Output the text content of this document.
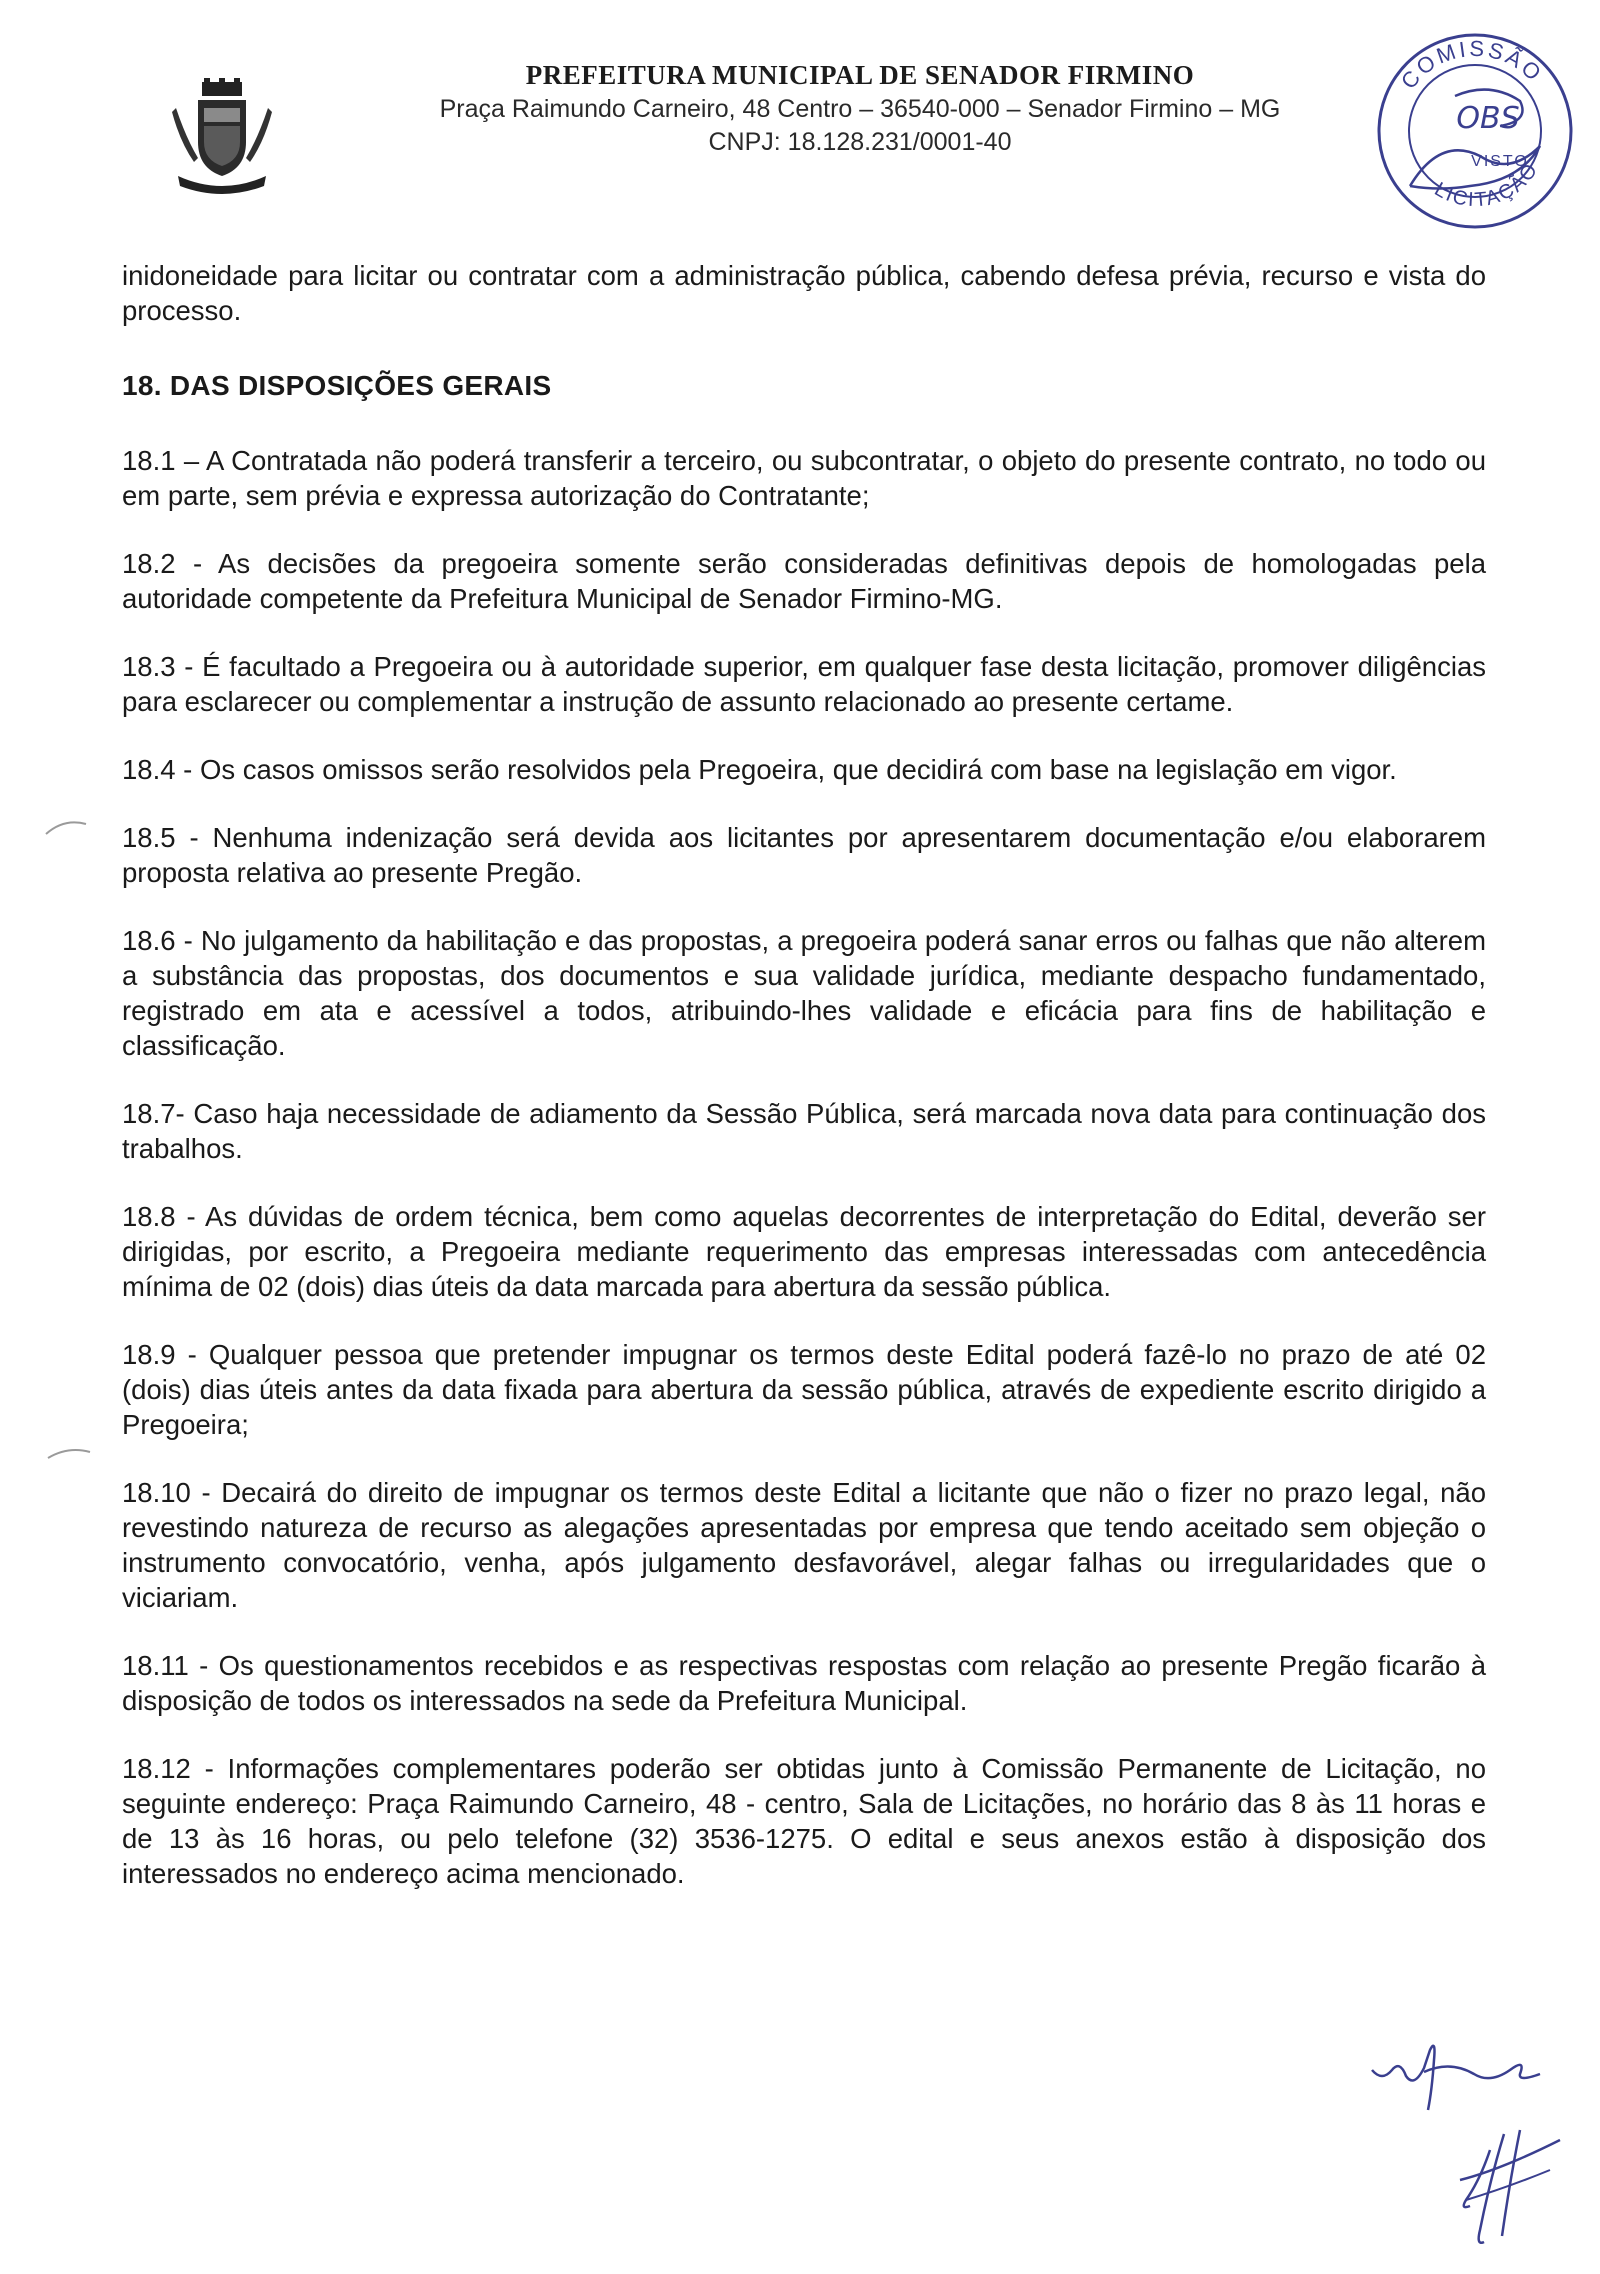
PREFEITURA MUNICIPAL DE SENADOR FIRMINO
Praça Raimundo Carneiro, 48 Centro – 36540-000 – Senador Firmino – MG
CNPJ: 18.128.231/0001-40
COMISSÃO
LICITAÇÃO
OBS
VISTO

inidoneidade para licitar ou contratar com a administração pública, cabendo defesa prévia, recurso e vista do processo.

18. DAS DISPOSIÇÕES GERAIS

18.1 – A Contratada não poderá transferir a terceiro, ou subcontratar, o objeto do presente contrato, no todo ou em parte, sem prévia e expressa autorização do Contratante;

18.2 - As decisões da pregoeira somente serão consideradas definitivas depois de homologadas pela autoridade competente da Prefeitura Municipal de Senador Firmino-MG.

18.3 - É facultado a Pregoeira ou à autoridade superior, em qualquer fase desta licitação, promover diligências para esclarecer ou complementar a instrução de assunto relacionado ao presente certame.

18.4 - Os casos omissos serão resolvidos pela Pregoeira, que decidirá com base na legislação em vigor.

18.5 - Nenhuma indenização será devida aos licitantes por apresentarem documentação e/ou elaborarem proposta relativa ao presente Pregão.

18.6 - No julgamento da habilitação e das propostas, a pregoeira poderá sanar erros ou falhas que não alterem a substância das propostas, dos documentos e sua validade jurídica, mediante despacho fundamentado, registrado em ata e acessível a todos, atribuindo-lhes validade e eficácia para fins de habilitação e classificação.

18.7- Caso haja necessidade de adiamento da Sessão Pública, será marcada nova data para continuação dos trabalhos.

18.8 - As dúvidas de ordem técnica, bem como aquelas decorrentes de interpretação do Edital, deverão ser dirigidas, por escrito, a Pregoeira mediante requerimento das empresas interessadas com antecedência mínima de 02 (dois) dias úteis da data marcada para abertura da sessão pública.

18.9 - Qualquer pessoa que pretender impugnar os termos deste Edital poderá fazê-lo no prazo de até 02 (dois) dias úteis antes da data fixada para abertura da sessão pública, através de expediente escrito dirigido a Pregoeira;

18.10 - Decairá do direito de impugnar os termos deste Edital a licitante que não o fizer no prazo legal, não revestindo natureza de recurso as alegações apresentadas por empresa que tendo aceitado sem objeção o instrumento convocatório, venha, após julgamento desfavorável, alegar falhas ou irregularidades que o viciariam.

18.11 - Os questionamentos recebidos e as respectivas respostas com relação ao presente Pregão ficarão à disposição de todos os interessados na sede da Prefeitura Municipal.

18.12 - Informações complementares poderão ser obtidas junto à Comissão Permanente de Licitação, no seguinte endereço: Praça Raimundo Carneiro, 48 - centro, Sala de Licitações, no horário das 8 às 11 horas e de 13 às 16 horas, ou pelo telefone (32) 3536-1275. O edital e seus anexos estão à disposição dos interessados no endereço acima mencionado.
